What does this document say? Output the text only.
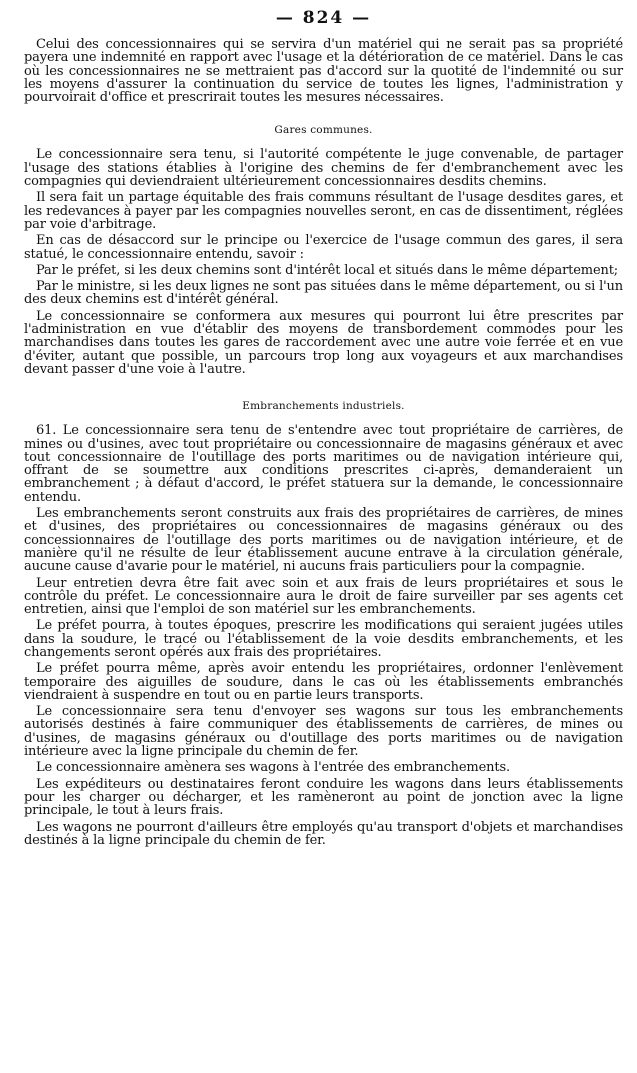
— 824 —

Celui des concessionnaires qui se servira d'un matériel qui ne serait pas sa propriété payera une indemnité en rapport avec l'usage et la détérioration de ce matériel. Dans le cas où les concessionnaires ne se mettraient pas d'accord sur la quotité de l'indemnité ou sur les moyens d'assurer la continuation du service de toutes les lignes, l'administration y pourvoirait d'office et prescrirait toutes les mesures nécessaires.

Gares communes.

Le concessionnaire sera tenu, si l'autorité compétente le juge convenable, de partager l'usage des stations établies à l'origine des chemins de fer d'embranchement avec les compagnies qui deviendraient ultérieurement concessionnaires desdits chemins.

Il sera fait un partage équitable des frais communs résultant de l'usage desdites gares, et les redevances à payer par les compagnies nouvelles seront, en cas de dissentiment, réglées par voie d'arbitrage.

En cas de désaccord sur le principe ou l'exercice de l'usage commun des gares, il sera statué, le concessionnaire entendu, savoir :

Par le préfet, si les deux chemins sont d'intérêt local et situés dans le même département;

Par le ministre, si les deux lignes ne sont pas situées dans le même département, ou si l'un des deux chemins est d'intérêt général.

Le concessionnaire se conformera aux mesures qui pourront lui être prescrites par l'administration en vue d'établir des moyens de transbordement commodes pour les marchandises dans toutes les gares de raccordement avec une autre voie ferrée et en vue d'éviter, autant que possible, un parcours trop long aux voyageurs et aux marchandises devant passer d'une voie à l'autre.

Embranchements industriels.

61. Le concessionnaire sera tenu de s'entendre avec tout propriétaire de carrières, de mines ou d'usines, avec tout propriétaire ou concessionnaire de magasins généraux et avec tout concessionnaire de l'outillage des ports maritimes ou de navigation intérieure qui, offrant de se soumettre aux conditions prescrites ci-après, demanderaient un embranchement ; à défaut d'accord, le préfet statuera sur la demande, le concessionnaire entendu.

Les embranchements seront construits aux frais des propriétaires de carrières, de mines et d'usines, des propriétaires ou concessionnaires de magasins généraux ou des concessionnaires de l'outillage des ports maritimes ou de navigation intérieure, et de manière qu'il ne résulte de leur établissement aucune entrave à la circulation générale, aucune cause d'avarie pour le matériel, ni aucuns frais particuliers pour la compagnie.

Leur entretien devra être fait avec soin et aux frais de leurs propriétaires et sous le contrôle du préfet. Le concessionnaire aura le droit de faire surveiller par ses agents cet entretien, ainsi que l'emploi de son matériel sur les embranchements.

Le préfet pourra, à toutes époques, prescrire les modifications qui seraient jugées utiles dans la soudure, le tracé ou l'établissement de la voie desdits embranchements, et les changements seront opérés aux frais des propriétaires.

Le préfet pourra même, après avoir entendu les propriétaires, ordonner l'enlèvement temporaire des aiguilles de soudure, dans le cas où les établissements embranchés viendraient à suspendre en tout ou en partie leurs transports.

Le concessionnaire sera tenu d'envoyer ses wagons sur tous les embranchements autorisés destinés à faire communiquer des établissements de carrières, de mines ou d'usines, de magasins généraux ou d'outillage des ports maritimes ou de navigation intérieure avec la ligne principale du chemin de fer.

Le concessionnaire amènera ses wagons à l'entrée des embranchements.

Les expéditeurs ou destinataires feront conduire les wagons dans leurs établissements pour les charger ou décharger, et les ramèneront au point de jonction avec la ligne principale, le tout à leurs frais.

Les wagons ne pourront d'ailleurs être employés qu'au transport d'objets et marchandises destinés à la ligne principale du chemin de fer.
